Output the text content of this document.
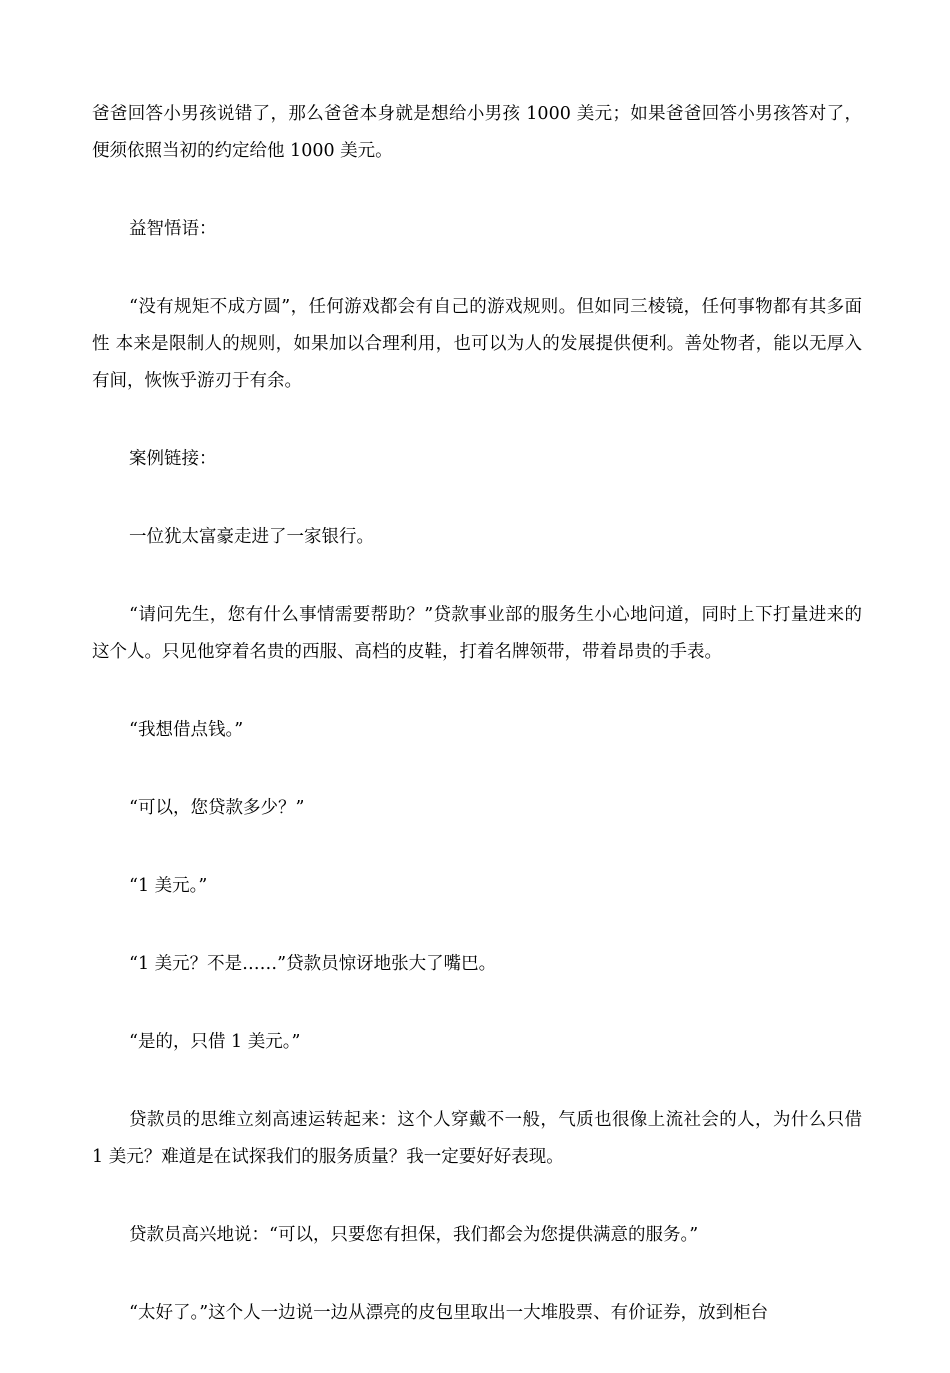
爸爸回答小男孩说错了，那么爸爸本身就是想给小男孩 1000 美元；如果爸爸回答小男孩答对了，便须依照当初的约定给他 1000 美元。

益智悟语：

“没有规矩不成方圆”，任何游戏都会有自己的游戏规则。但如同三棱镜，任何事物都有其多面性 本来是限制人的规则，如果加以合理利用，也可以为人的发展提供便利。善处物者，能以无厚入有间，恢恢乎游刃于有余。

案例链接：

一位犹太富豪走进了一家银行。

“请问先生，您有什么事情需要帮助？”贷款事业部的服务生小心地问道，同时上下打量进来的这个人。只见他穿着名贵的西服、高档的皮鞋，打着名牌领带，带着昂贵的手表。

“我想借点钱。”

“可以，您贷款多少？”

“1 美元。”

“1 美元？不是……”贷款员惊讶地张大了嘴巴。

“是的，只借 1 美元。”

贷款员的思维立刻高速运转起来：这个人穿戴不一般，气质也很像上流社会的人，为什么只借 1 美元？难道是在试探我们的服务质量？我一定要好好表现。

贷款员高兴地说：“可以，只要您有担保，我们都会为您提供满意的服务。”

“太好了。”这个人一边说一边从漂亮的皮包里取出一大堆股票、有价证券，放到柜台
